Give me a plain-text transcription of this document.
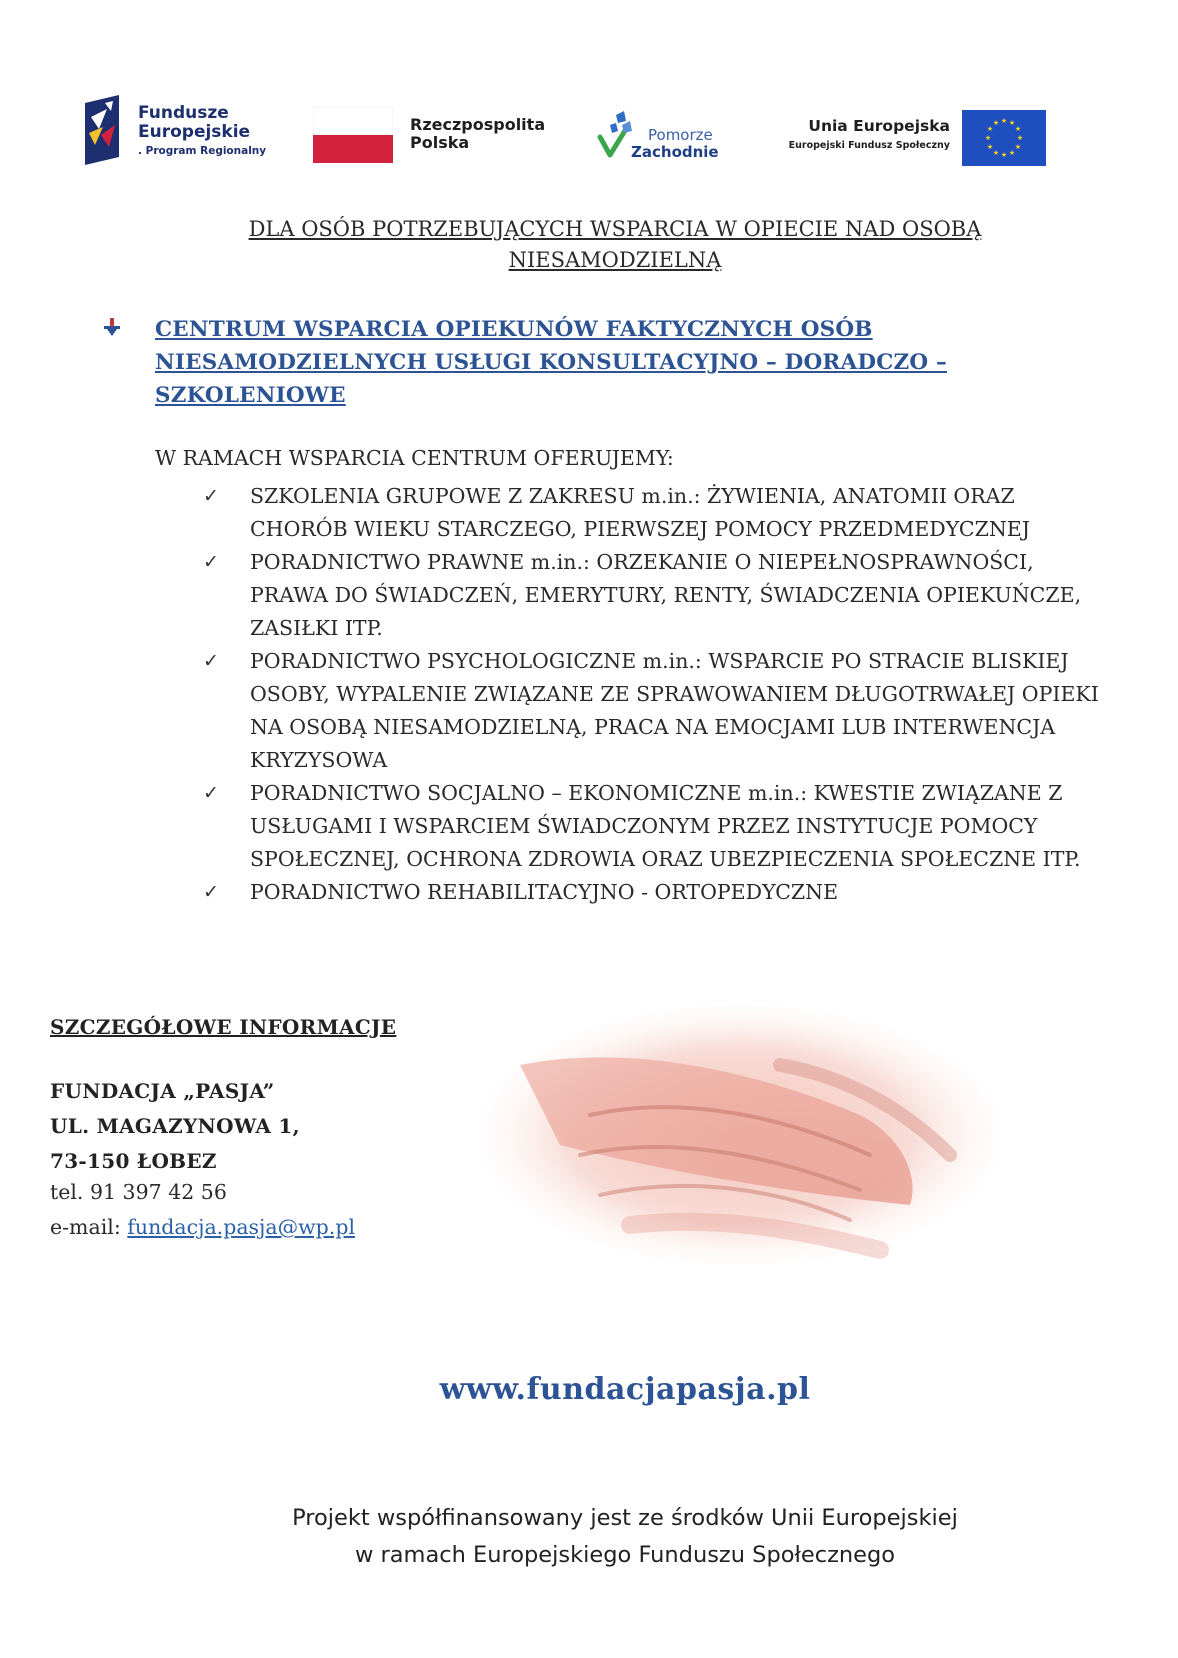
Fundusze
Europejskie
. Program Regionalny
Rzeczpospolita
Polska	Pomorze
Zachodnie
Unia Europejska
Europejski Fundusz Społeczny
★ ★
★
★
★
★
★
★
★
★
★
★
DLA OSÓB POTRZEBUJĄCYCH WSPARCIA W OPIECIE NAD OSOBĄ
NIESAMODZIELNĄ
CENTRUM WSPARCIA OPIEKUNÓW FAKTYCZNYCH OSÓB
NIESAMODZIELNYCH USŁUGI KONSULTACYJNO – DORADCZO –
SZKOLENIOWE
W RAMACH WSPARCIA CENTRUM OFERUJEMY:
✓ SZKOLENIA GRUPOWE Z ZAKRESU m.in.: ŻYWIENIA, ANATOMII ORAZ CHORÓB WIEKU STARCZEGO, PIERWSZEJ POMOCY PRZEDMEDYCZNEJ
✓ PORADNICTWO PRAWNE m.in.: ORZEKANIE O NIEPEŁNOSPRAWNOŚCI, PRAWA DO ŚWIADCZEŃ, EMERYTURY, RENTY, ŚWIADCZENIA OPIEKUŃCZE, ZASIŁKI ITP.
✓ PORADNICTWO PSYCHOLOGICZNE m.in.: WSPARCIE PO STRACIE BLISKIEJ OSOBY, WYPALENIE ZWIĄZANE ZE SPRAWOWANIEM DŁUGOTRWAŁEJ OPIEKI NA OSOBĄ NIESAMODZIELNĄ, PRACA NA EMOCJAMI LUB INTERWENCJA KRYZYSOWA
✓ PORADNICTWO SOCJALNO – EKONOMICZNE m.in.: KWESTIE ZWIĄZANE Z USŁUGAMI I WSPARCIEM ŚWIADCZONYM PRZEZ INSTYTUCJE POMOCY SPOŁECZNEJ, OCHRONA ZDROWIA ORAZ UBEZPIECZENIA SPOŁECZNE ITP.
✓ PORADNICTWO REHABILITACYJNO - ORTOPEDYCZNE
SZCZEGÓŁOWE INFORMACJE
FUNDACJA „PASJA”
UL. MAGAZYNOWA 1,
73-150 ŁOBEZ
tel. 91 397 42 56
e-mail: fundacja.pasja@wp.pl
www.fundacjapasja.pl
Projekt współfinansowany jest ze środków Unii Europejskiej
w ramach Europejskiego Funduszu Społecznego
